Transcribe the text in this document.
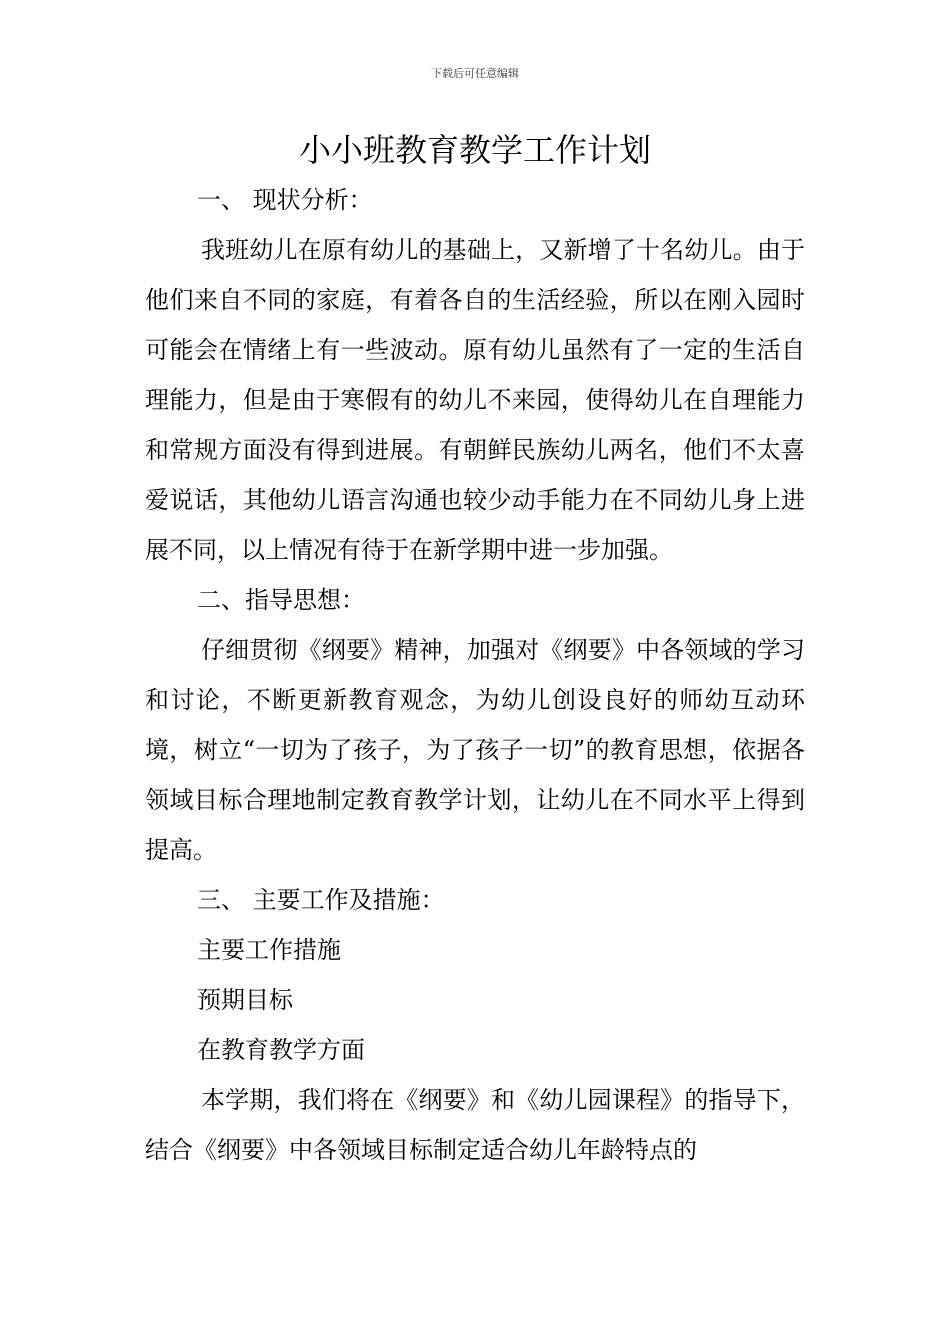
下载后可任意编辑
小小班教育教学工作计划

一、 现状分析：

我班幼儿在原有幼儿的基础上，又新增了十名幼儿。由于他们来自不同的家庭，有着各自的生活经验，所以在刚入园时可能会在情绪上有一些波动。原有幼儿虽然有了一定的生活自理能力，但是由于寒假有的幼儿不来园，使得幼儿在自理能力和常规方面没有得到进展。有朝鲜民族幼儿两名，他们不太喜爱说话，其他幼儿语言沟通也较少动手能力在不同幼儿身上进展不同，以上情况有待于在新学期中进一步加强。

二、指导思想：

仔细贯彻《纲要》精神，加强对《纲要》中各领域的学习和讨论，不断更新教育观念，为幼儿创设良好的师幼互动环境，树立“一切为了孩子，为了孩子一切”的教育思想，依据各领域目标合理地制定教育教学计划，让幼儿在不同水平上得到提高。

三、 主要工作及措施：

主要工作措施

预期目标

在教育教学方面

本学期，我们将在《纲要》和《幼儿园课程》的指导下，结合《纲要》中各领域目标制定适合幼儿年龄特点的
